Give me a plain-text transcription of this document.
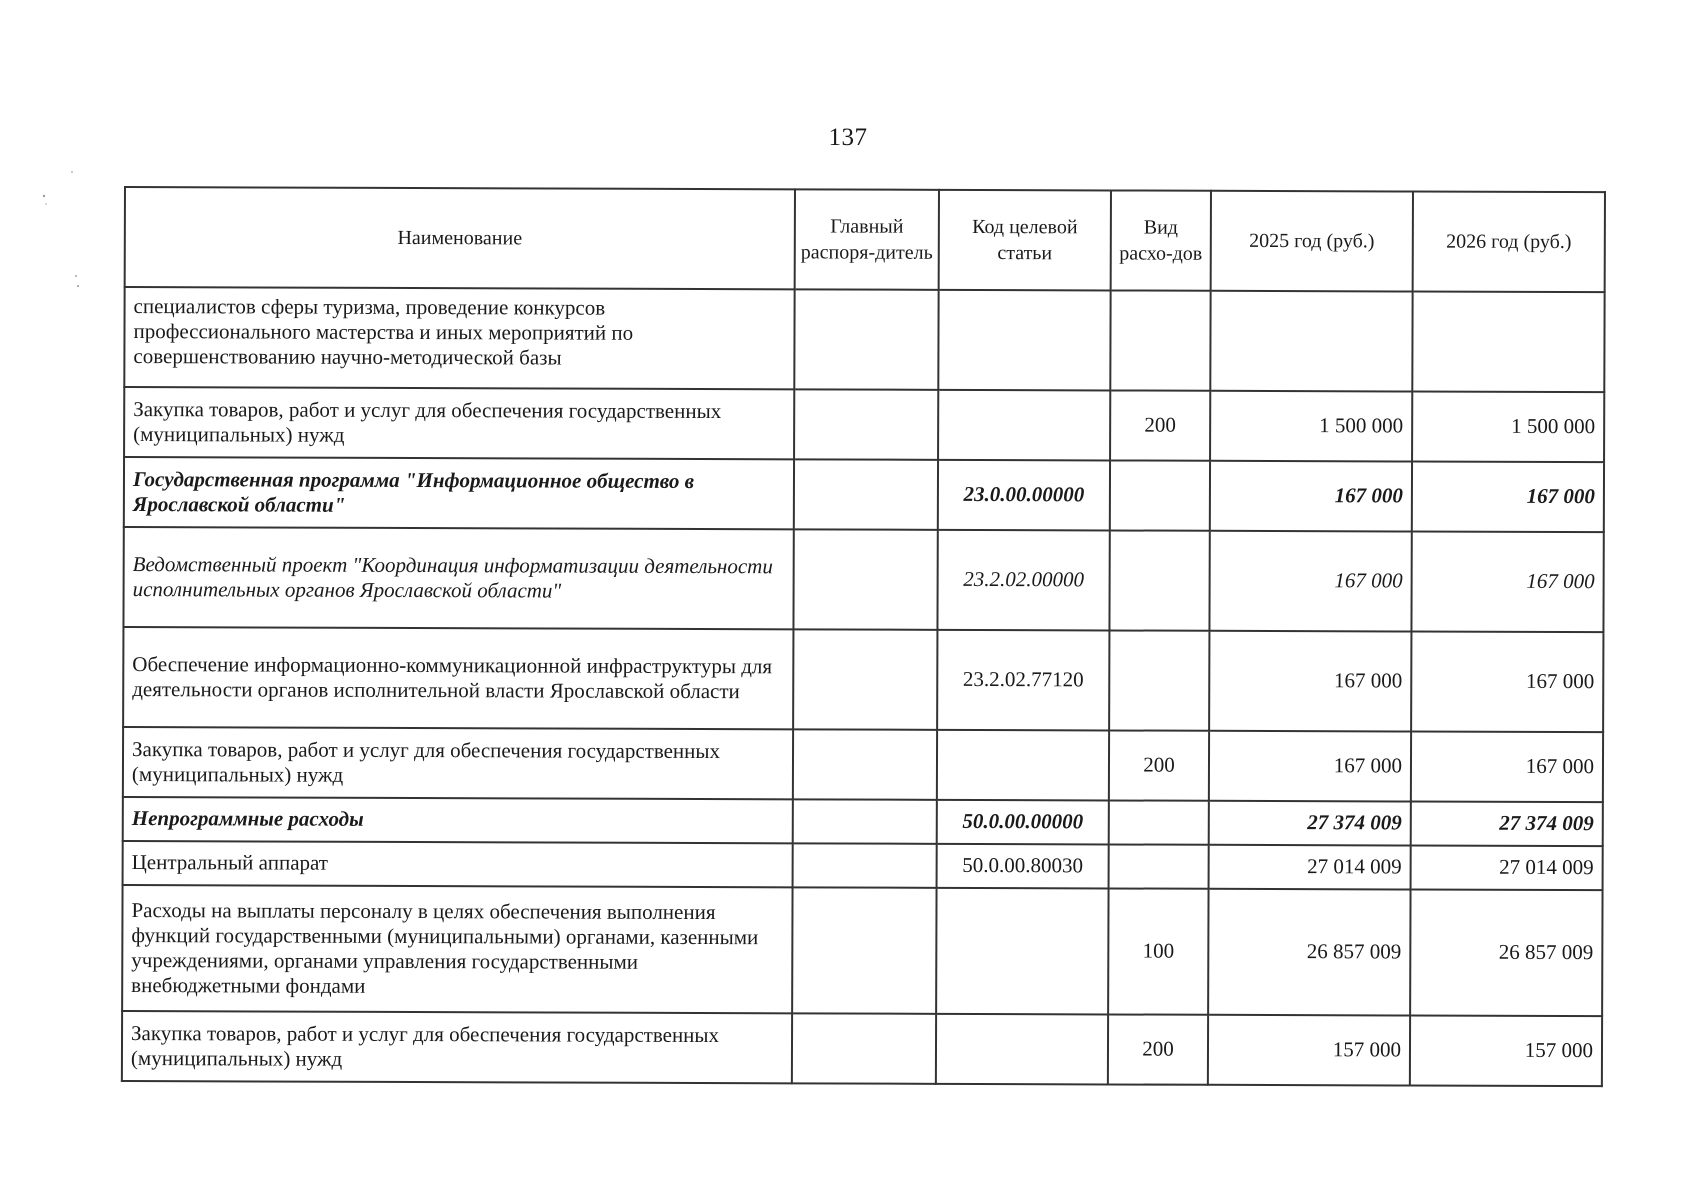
137
Наименование	Главный распоря-дитель	Код целевой статьи	Вид расхо-дов	2025 год (руб.)	2026 год (руб.)
специалистов сферы туризма, проведение конкурсов профессионального мастерства и иных мероприятий по совершенствованию научно-методической базы					
Закупка товаров, работ и услуг для обеспечения государственных (муниципальных) нужд			200	1 500 000	1 500 000
Государственная программа "Информационное общество в Ярославской области"		23.0.00.00000		167 000	167 000
Ведомственный проект "Координация информатизации деятельности исполнительных органов Ярославской области"		23.2.02.00000		167 000	167 000
Обеспечение информационно-коммуникационной инфраструктуры для деятельности органов исполнительной власти Ярославской области		23.2.02.77120		167 000	167 000
Закупка товаров, работ и услуг для обеспечения государственных (муниципальных) нужд			200	167 000	167 000
Непрограммные расходы		50.0.00.00000		27 374 009	27 374 009
Центральный аппарат		50.0.00.80030		27 014 009	27 014 009
Расходы на выплаты персоналу в целях обеспечения выполнения функций государственными (муниципальными) органами, казенными учреждениями, органами управления государственными внебюджетными фондами			100	26 857 009	26 857 009
Закупка товаров, работ и услуг для обеспечения государственных (муниципальных) нужд			200	157 000	157 000
